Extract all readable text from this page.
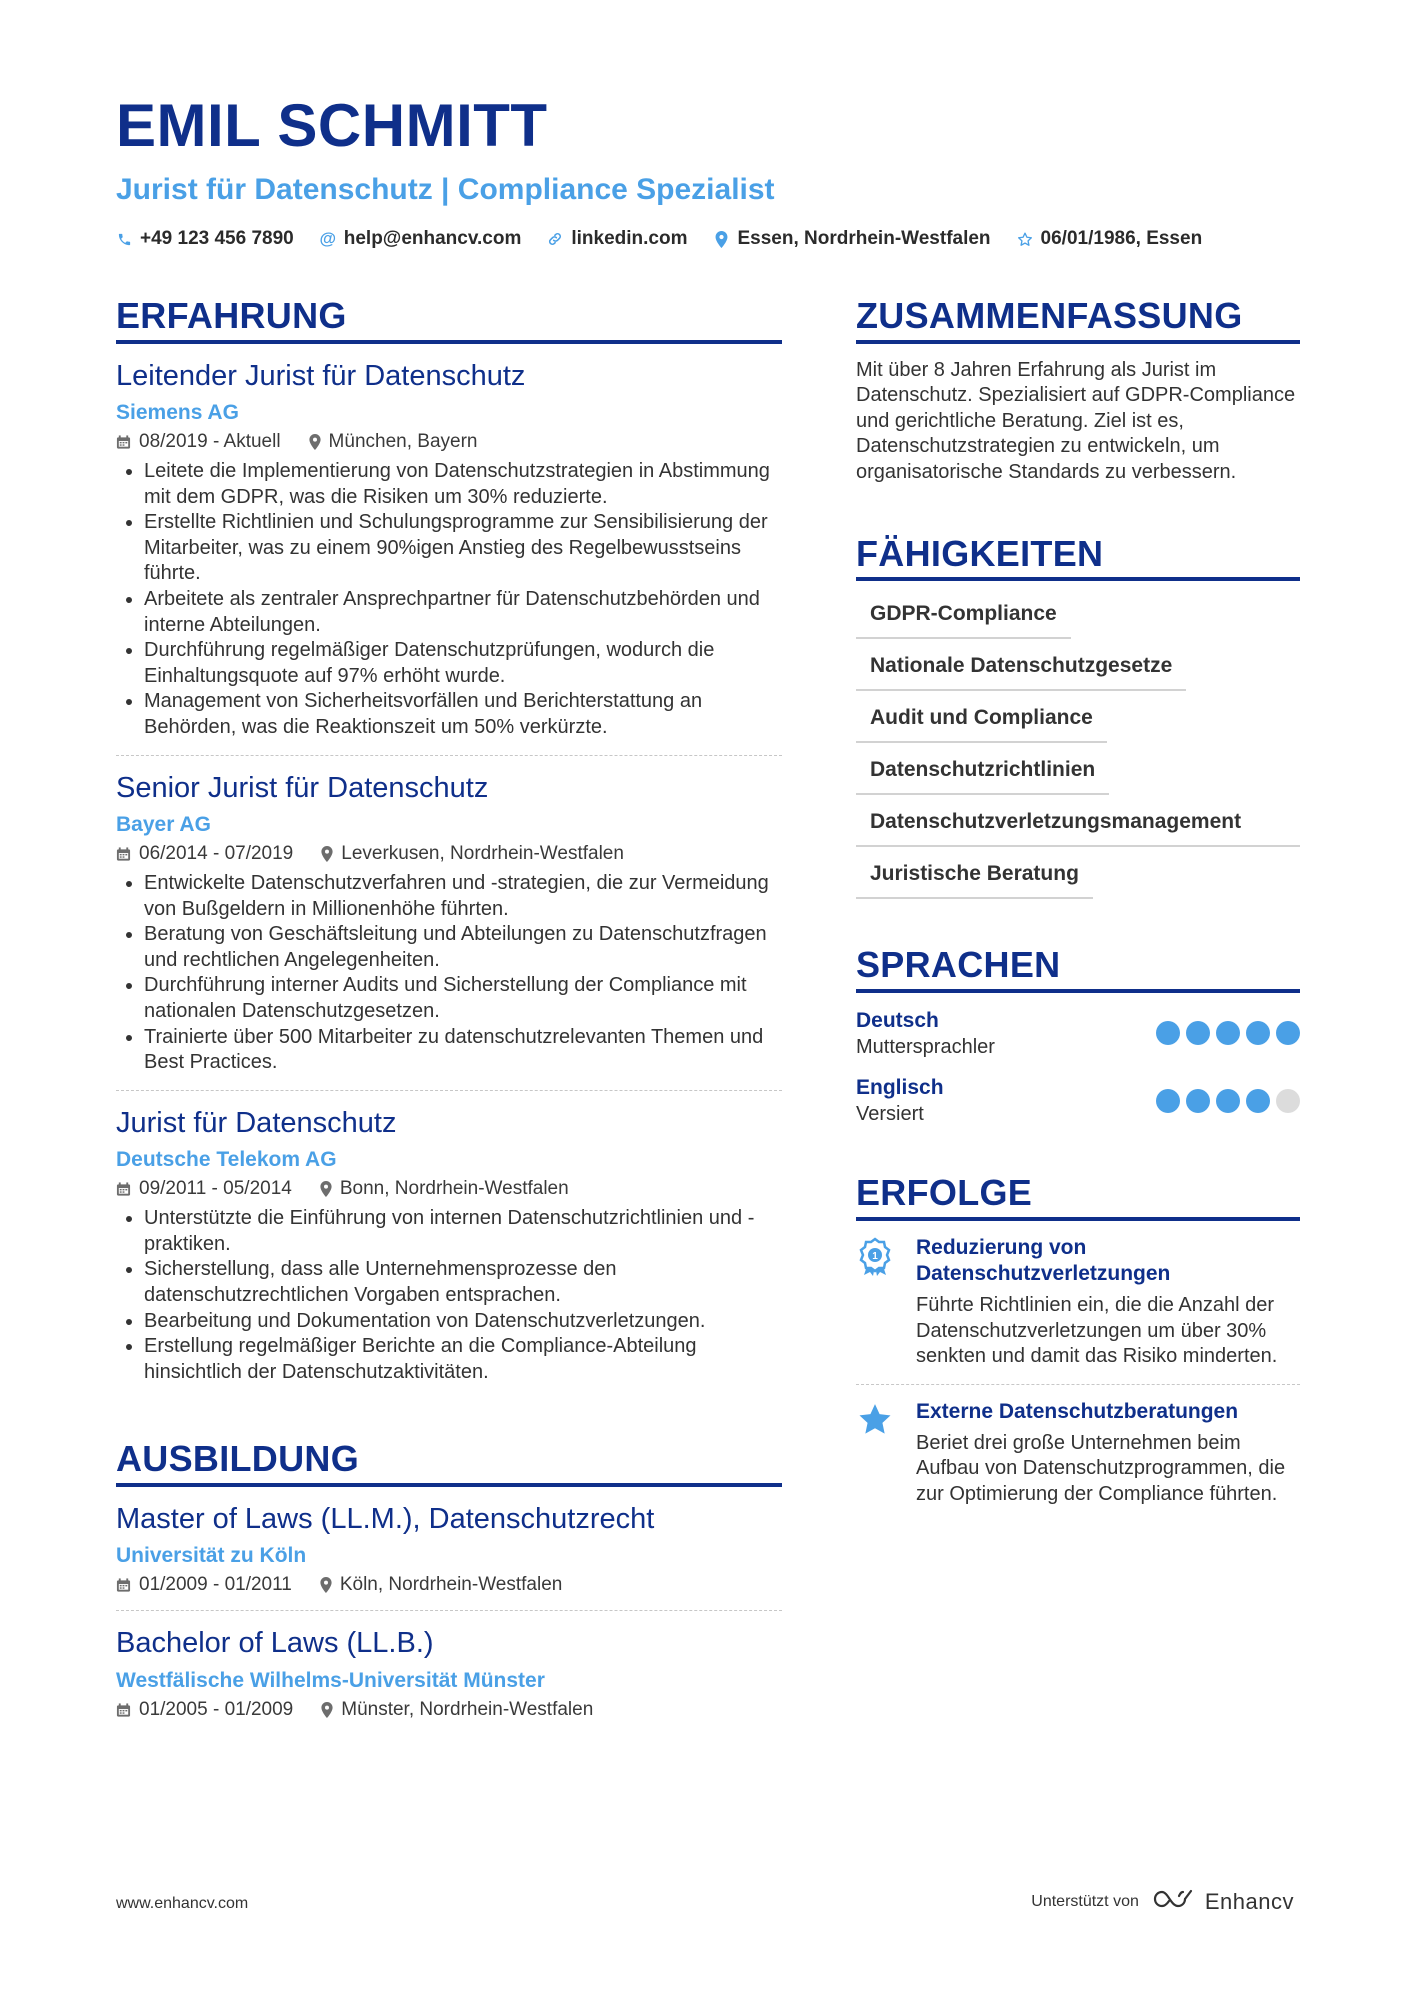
EMIL SCHMITT
Jurist für Datenschutz | Compliance Spezialist
+49 123 456 7890 @ help@enhancv.com	linkedin.com	Essen, Nordrhein-Westfalen	06/01/1986, Essen
ERFAHRUNG
Leitender Jurist für Datenschutz
Siemens AG
08/2019 - Aktuell	München, Bayern
• Leitete die Implementierung von Datenschutzstrategien in Abstimmung mit dem GDPR, was die Risiken um 30% reduzierte.
• Erstellte Richtlinien und Schulungsprogramme zur Sensibilisierung der Mitarbeiter, was zu einem 90%igen Anstieg des Regelbewusstseins führte.
• Arbeitete als zentraler Ansprechpartner für Datenschutzbehörden und interne Abteilungen.
• Durchführung regelmäßiger Datenschutzprüfungen, wodurch die Einhaltungsquote auf 97% erhöht wurde.
• Management von Sicherheitsvorfällen und Berichterstattung an Behörden, was die Reaktionszeit um 50% verkürzte.
Senior Jurist für Datenschutz
Bayer AG
06/2014 - 07/2019	Leverkusen, Nordrhein-Westfalen
• Entwickelte Datenschutzverfahren und -strategien, die zur Vermeidung von Bußgeldern in Millionenhöhe führten.
• Beratung von Geschäftsleitung und Abteilungen zu Datenschutzfragen und rechtlichen Angelegenheiten.
• Durchführung interner Audits und Sicherstellung der Compliance mit nationalen Datenschutzgesetzen.
• Trainierte über 500 Mitarbeiter zu datenschutzrelevanten Themen und Best Practices.
Jurist für Datenschutz
Deutsche Telekom AG
09/2011 - 05/2014	Bonn, Nordrhein-Westfalen
• Unterstützte die Einführung von internen Datenschutzrichtlinien und -praktiken.
• Sicherstellung, dass alle Unternehmensprozesse den datenschutzrechtlichen Vorgaben entsprachen.
• Bearbeitung und Dokumentation von Datenschutzverletzungen.
• Erstellung regelmäßiger Berichte an die Compliance-Abteilung hinsichtlich der Datenschutzaktivitäten.
AUSBILDUNG
Master of Laws (LL.M.), Datenschutzrecht
Universität zu Köln
01/2009 - 01/2011	Köln, Nordrhein-Westfalen
Bachelor of Laws (LL.B.)
Westfälische Wilhelms-Universität Münster
01/2005 - 01/2009	Münster, Nordrhein-Westfalen
ZUSAMMENFASSUNG

Mit über 8 Jahren Erfahrung als Jurist im Datenschutz. Spezialisiert auf GDPR-Compliance und gerichtliche Beratung. Ziel ist es, Datenschutzstrategien zu entwickeln, um organisatorische Standards zu verbessern.

FÄHIGKEITEN
GDPR-Compliance
Nationale Datenschutzgesetze
Audit und Compliance
Datenschutzrichtlinien
Datenschutzverletzungsmanagement
Juristische Beratung
SPRACHEN
Deutsch
Muttersprachler
Englisch
Versiert
ERFOLGE
1 Reduzierung von Datenschutzverletzungen
Führte Richtlinien ein, die die Anzahl der Datenschutzverletzungen um über 30% senkten und damit das Risiko minderten.
Externe Datenschutzberatungen
Beriet drei große Unternehmen beim Aufbau von Datenschutzprogrammen, die zur Optimierung der Compliance führten.
www.enhancv.com	Unterstützt von	Enhancv
